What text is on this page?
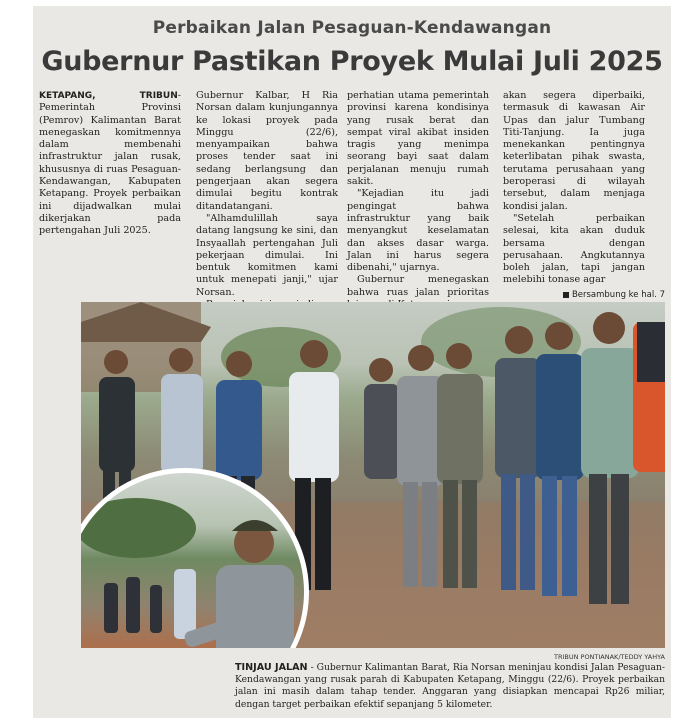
Perbaikan Jalan Pesaguan-Kendawangan
Gubernur Pastikan Proyek Mulai Juli 2025

KETAPANG, TRIBUN- Pemerintah Provinsi (Pemrov) Kalimantan Barat menegaskan komitmennya dalam membenahi infrastruktur jalan rusak, khususnya di ruas Pesaguan-Kendawangan, Kabupaten Ketapang. Proyek perbaikan ini dijadwalkan mulai dikerjakan pada pertengahan Juli 2025.

Gubernur Kalbar, H Ria Norsan dalam kunjungannya ke lokasi proyek pada Minggu (22/6), menyampaikan bahwa proses tender saat ini sedang berlangsung dan pengerjaan akan segera dimulai begitu kontrak ditandatangani.

"Alhamdulillah saya datang langsung ke sini, dan Insyaallah pertengahan Juli pekerjaan dimulai. Ini bentuk komitmen kami untuk menepati janji," ujar Norsan.

perhatian utama pemerintah provinsi karena kondisinya yang rusak berat dan sempat viral akibat insiden tragis yang menimpa seorang bayi saat dalam perjalanan menuju rumah sakit.

"Kejadian itu jadi pengingat bahwa infrastruktur yang baik menyangkut keselamatan dan akses dasar warga. Jalan ini harus segera dibenahi," ujarnya.

Gubernur menegaskan bahwa ruas jalan prioritas

akan segera diperbaiki, termasuk di kawasan Air Upas dan jalur Tumbang Titi-Tanjung. Ia juga menekankan pentingnya keterlibatan pihak swasta, terutama perusahaan yang beroperasi di wilayah tersebut, dalam menjaga kondisi jalan.

"Setelah perbaikan selesai, kita akan duduk bersama dengan perusahaan. Angkutannya boleh jalan, tapi jangan melebihi tonase agar

Bersambung ke hal. 7
TRIBUN PONTIANAK/TEDDY YAHYA
TINJAU JALAN - Gubernur Kalimantan Barat, Ria Norsan meninjau kondisi Jalan Pesaguan-Kendawangan yang rusak parah di Kabupaten Ketapang, Minggu (22/6). Proyek perbaikan jalan ini masih dalam tahap tender. Anggaran yang disiapkan mencapai Rp26 miliar, dengan target perbaikan efektif sepanjang 5 kilometer.
